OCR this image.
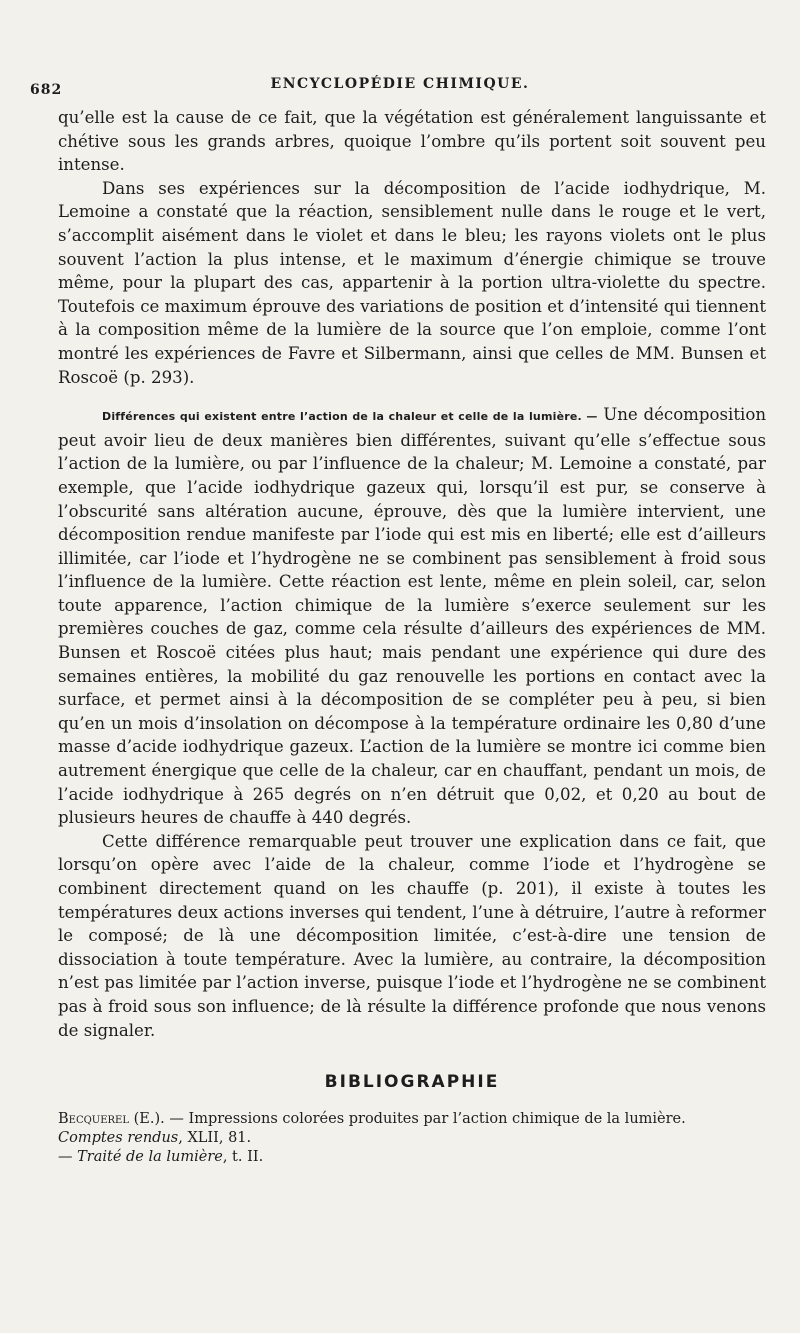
682	ENCYCLOPÉDIE CHIMIQUE.

qu’elle est la cause de ce fait, que la végétation est généralement languissante et chétive sous les grands arbres, quoique l’ombre qu’ils portent soit souvent peu intense.

Dans ses expériences sur la décomposition de l’acide iodhydrique, M. Lemoine a constaté que la réaction, sensiblement nulle dans le rouge et le vert, s’accomplit aisément dans le violet et dans le bleu; les rayons violets ont le plus souvent l’action la plus intense, et le maximum d’énergie chimique se trouve même, pour la plupart des cas, appartenir à la portion ultra-violette du spectre. Toutefois ce maximum éprouve des variations de position et d’intensité qui tiennent à la composition même de la lumière de la source que l’on emploie, comme l’ont montré les expériences de Favre et Silbermann, ainsi que celles de MM. Bunsen et Roscoë (p. 293).

Différences qui existent entre l’action de la chaleur et celle de la lumière. — Une décomposition peut avoir lieu de deux manières bien différentes, suivant qu’elle s’effectue sous l’action de la lumière, ou par l’influence de la chaleur; M. Lemoine a constaté, par exemple, que l’acide iodhydrique gazeux qui, lorsqu’il est pur, se conserve à l’obscurité sans altération aucune, éprouve, dès que la lumière intervient, une décomposition rendue manifeste par l’iode qui est mis en liberté; elle est d’ailleurs illimitée, car l’iode et l’hydrogène ne se combinent pas sensiblement à froid sous l’influence de la lumière. Cette réaction est lente, même en plein soleil, car, selon toute apparence, l’action chimique de la lumière s’exerce seulement sur les premières couches de gaz, comme cela résulte d’ailleurs des expériences de MM. Bunsen et Roscoë citées plus haut; mais pendant une expérience qui dure des semaines entières, la mobilité du gaz renouvelle les portions en contact avec la surface, et permet ainsi à la décomposition de se compléter peu à peu, si bien qu’en un mois d’insolation on décompose à la température ordinaire les 0,80 d’une masse d’acide iodhydrique gazeux. L’action de la lumière se montre ici comme bien autrement énergique que celle de la chaleur, car en chauffant, pendant un mois, de l’acide iodhydrique à 265 degrés on n’en détruit que 0,02, et 0,20 au bout de plusieurs heures de chauffe à 440 degrés.

Cette différence remarquable peut trouver une explication dans ce fait, que lorsqu’on opère avec l’aide de la chaleur, comme l’iode et l’hydrogène se combinent directement quand on les chauffe (p. 201), il existe à toutes les températures deux actions inverses qui tendent, l’une à détruire, l’autre à reformer le composé; de là une décomposition limitée, c’est-à-dire une tension de dissociation à toute température. Avec la lumière, au contraire, la décomposition n’est pas limitée par l’action inverse, puisque l’iode et l’hydrogène ne se combinent pas à froid sous son influence; de là résulte la différence profonde que nous venons de signaler.

BIBLIOGRAPHIE

Becquerel (E.). — Impressions colorées produites par l’action chimique de la lumière.

Comptes rendus, XLII, 81.

— Traité de la lumière, t. II.
